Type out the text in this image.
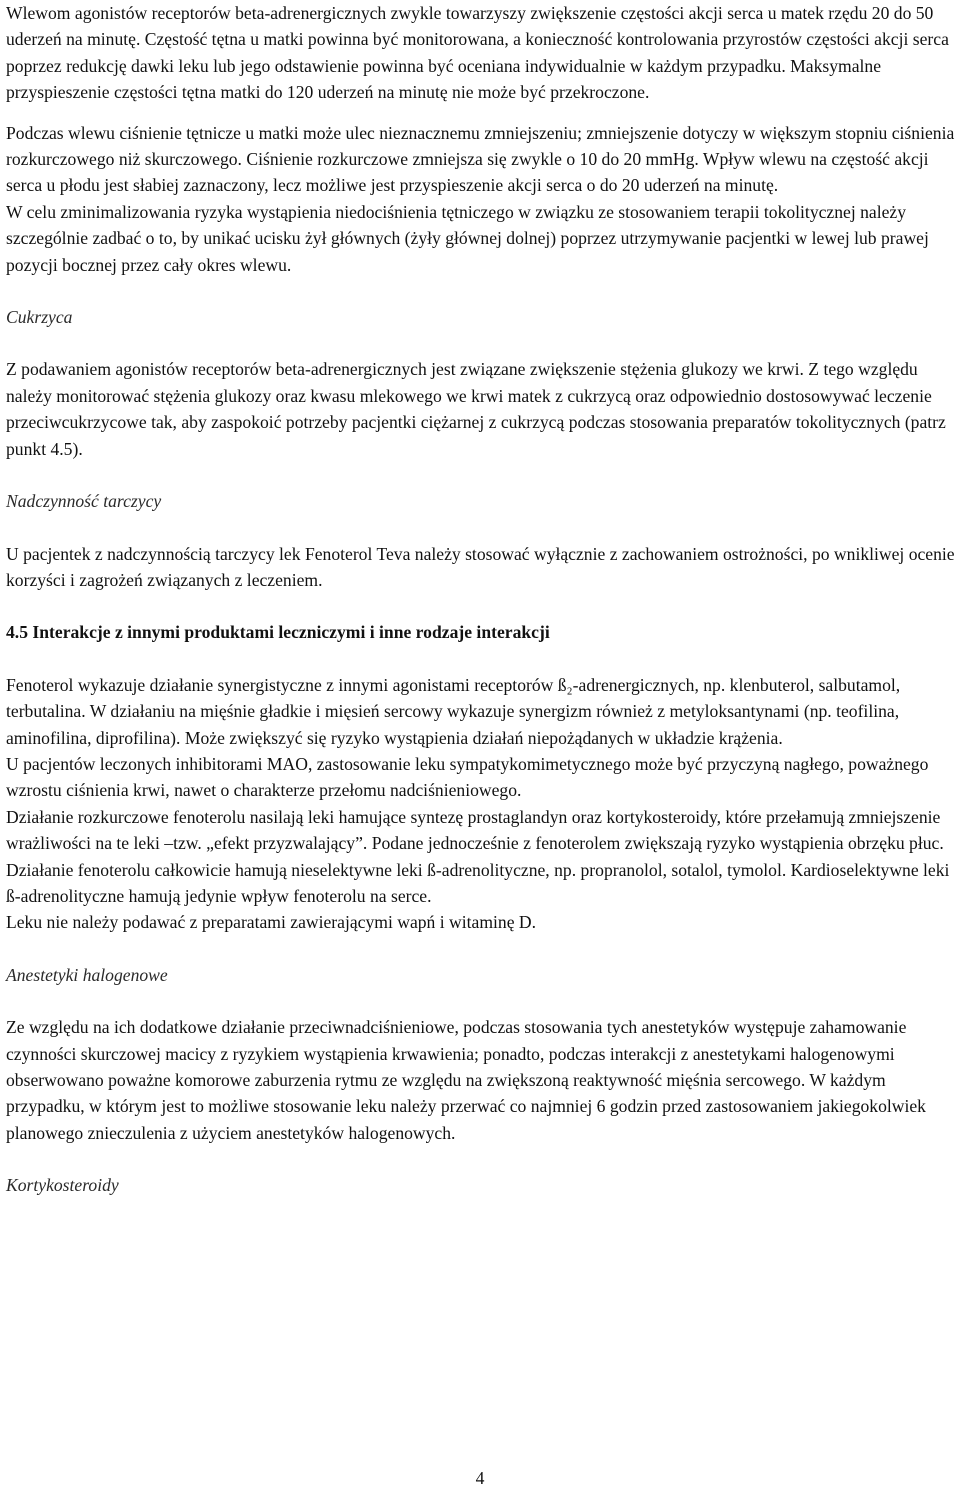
Wlewom agonistów receptorów beta-adrenergicznych zwykle towarzyszy zwiększenie częstości akcji serca u matek rzędu 20 do 50 uderzeń na minutę. Częstość tętna u matki powinna być monitorowana, a konieczność kontrolowania przyrostów częstości akcji serca poprzez redukcję dawki leku lub jego odstawienie powinna być oceniana indywidualnie w każdym przypadku. Maksymalne przyspieszenie częstości tętna matki do 120 uderzeń na minutę nie może być przekroczone.

Podczas wlewu ciśnienie tętnicze u matki może ulec nieznacznemu zmniejszeniu; zmniejszenie dotyczy w większym stopniu ciśnienia rozkurczowego niż skurczowego. Ciśnienie rozkurczowe zmniejsza się zwykle o 10 do 20 mmHg. Wpływ wlewu na częstość akcji serca u płodu jest słabiej zaznaczony, lecz możliwe jest przyspieszenie akcji serca o do 20 uderzeń na minutę.

W celu zminimalizowania ryzyka wystąpienia niedociśnienia tętniczego w związku ze stosowaniem terapii tokolitycznej należy szczególnie zadbać o to, by unikać ucisku żył głównych (żyły głównej dolnej) poprzez utrzymywanie pacjentki w lewej lub prawej pozycji bocznej przez cały okres wlewu.

Cukrzyca

Z podawaniem agonistów receptorów beta-adrenergicznych jest związane zwiększenie stężenia glukozy we krwi. Z tego względu należy monitorować stężenia glukozy oraz kwasu mlekowego we krwi matek z cukrzycą oraz odpowiednio dostosowywać leczenie przeciwcukrzycowe tak, aby zaspokoić potrzeby pacjentki ciężarnej z cukrzycą podczas stosowania preparatów tokolitycznych (patrz punkt 4.5).

Nadczynność tarczycy

U pacjentek z nadczynnością tarczycy lek Fenoterol Teva należy stosować wyłącznie z zachowaniem ostrożności, po wnikliwej ocenie korzyści i zagrożeń związanych z leczeniem.

4.5 Interakcje z innymi produktami leczniczymi i inne rodzaje interakcji

Fenoterol wykazuje działanie synergistyczne z innymi agonistami receptorów ß₂-adrenergicznych, np. klenbuterol, salbutamol, terbutalina. W działaniu na mięśnie gładkie i mięsień sercowy wykazuje synergizm również z metyloksantynami (np. teofilina, aminofilina, diprofilina). Może zwiększyć się ryzyko wystąpienia działań niepożądanych w układzie krążenia.

U pacjentów leczonych inhibitorami MAO, zastosowanie leku sympatykomimetycznego może być przyczyną nagłego, poważnego wzrostu ciśnienia krwi, nawet o charakterze przełomu nadciśnieniowego.

Działanie rozkurczowe fenoterolu nasilają leki hamujące syntezę prostaglandyn oraz kortykosteroidy, które przełamują zmniejszenie wrażliwości na te leki –tzw. „efekt przyzwalający”. Podane jednocześnie z fenoterolem zwiększają ryzyko wystąpienia obrzęku płuc.

Działanie fenoterolu całkowicie hamują nieselektywne leki ß-adrenolityczne, np. propranolol, sotalol, tymolol. Kardioselektywne leki ß-adrenolityczne hamują jedynie wpływ fenoterolu na serce.

Leku nie należy podawać z preparatami zawierającymi wapń i witaminę D.

Anestetyki halogenowe

Ze względu na ich dodatkowe działanie przeciwnadciśnieniowe, podczas stosowania tych anestetyków występuje zahamowanie czynności skurczowej macicy z ryzykiem wystąpienia krwawienia; ponadto, podczas interakcji z anestetykami halogenowymi obserwowano poważne komorowe zaburzenia rytmu ze względu na zwiększoną reaktywność mięśnia sercowego. W każdym przypadku, w którym jest to możliwe stosowanie leku należy przerwać co najmniej 6 godzin przed zastosowaniem jakiegokolwiek planowego znieczulenia z użyciem anestetyków halogenowych.

Kortykosteroidy

4
